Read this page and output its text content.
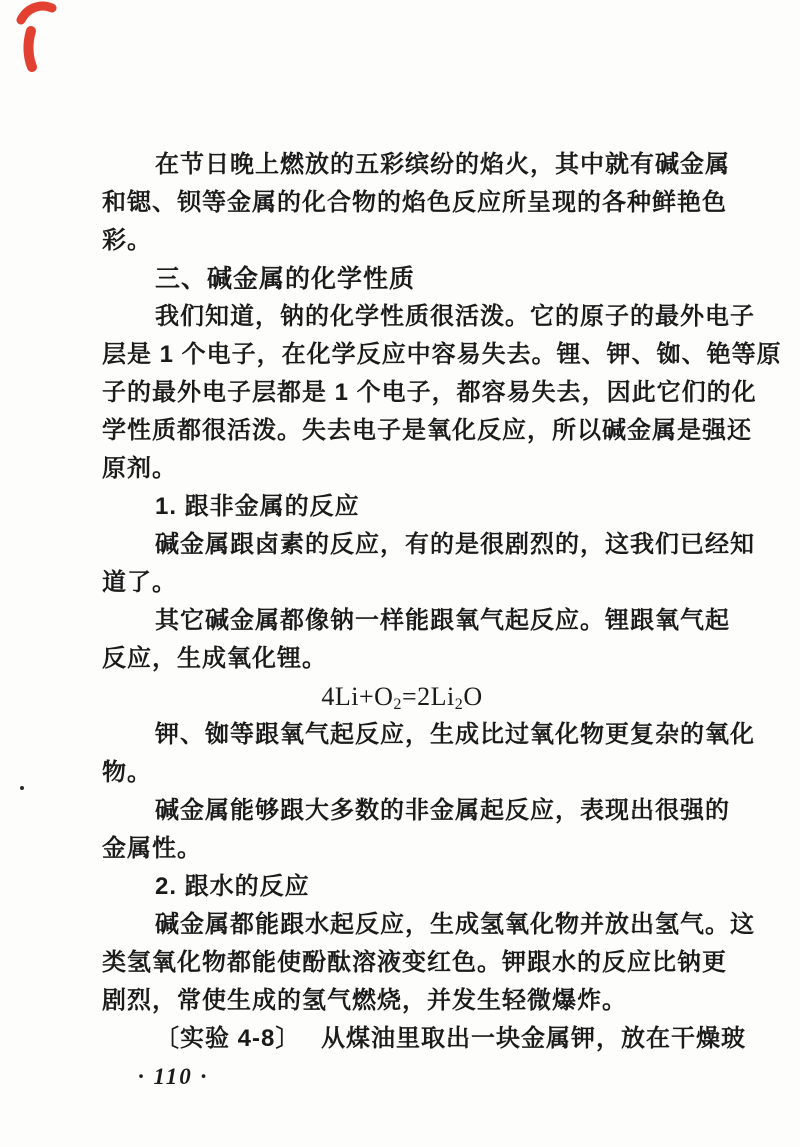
在节日晚上燃放的五彩缤纷的焰火，其中就有碱金属
和锶、钡等金属的化合物的焰色反应所呈现的各种鲜艳色
彩。
三、碱金属的化学性质
我们知道，钠的化学性质很活泼。它的原子的最外电子
层是 1 个电子，在化学反应中容易失去。锂、钾、铷、铯等原
子的最外电子层都是 1 个电子，都容易失去，因此它们的化
学性质都很活泼。失去电子是氧化反应，所以碱金属是强还
原剂。
1. 跟非金属的反应
碱金属跟卤素的反应，有的是很剧烈的，这我们已经知
道了。
其它碱金属都像钠一样能跟氧气起反应。锂跟氧气起
反应，生成氧化锂。
$4Li+O_2=2Li_2O$
钾、铷等跟氧气起反应，生成比过氧化物更复杂的氧化
物。
碱金属能够跟大多数的非金属起反应，表现出很强的
金属性。
2. 跟水的反应
碱金属都能跟水起反应，生成氢氧化物并放出氢气。这
类氢氧化物都能使酚酞溶液变红色。钾跟水的反应比钠更
剧烈，常使生成的氢气燃烧，并发生轻微爆炸。
〔实验 4-8〕　 从煤油里取出一块金属钾，放在干燥玻
· 110 ·
